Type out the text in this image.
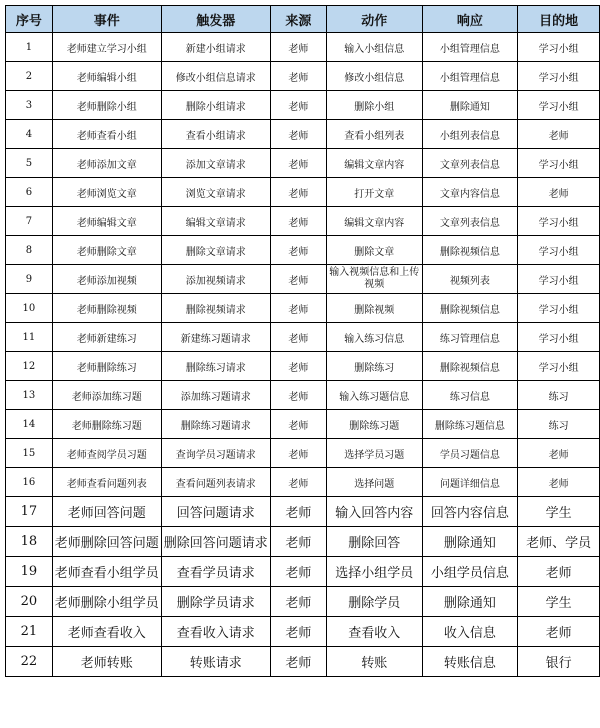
序号	事件	触发器	来源	动作	响应	目的地
1	老师建立学习小组	新建小组请求	老师	输入小组信息	小组管理信息	学习小组
2	老师编辑小组	修改小组信息请求	老师	修改小组信息	小组管理信息	学习小组
3	老师删除小组	删除小组请求	老师	删除小组	删除通知	学习小组
4	老师查看小组	查看小组请求	老师	查看小组列表	小组列表信息	老师
5	老师添加文章	添加文章请求	老师	编辑文章内容	文章列表信息	学习小组
6	老师浏览文章	浏览文章请求	老师	打开文章	文章内容信息	老师
7	老师编辑文章	编辑文章请求	老师	编辑文章内容	文章列表信息	学习小组
8	老师删除文章	删除文章请求	老师	删除文章	删除视频信息	学习小组
9	老师添加视频	添加视频请求	老师	输入视频信息和上传视频	视频列表	学习小组
10	老师删除视频	删除视频请求	老师	删除视频	删除视频信息	学习小组
11	老师新建练习	新建练习题请求	老师	输入练习信息	练习管理信息	学习小组
12	老师删除练习	删除练习请求	老师	删除练习	删除视频信息	学习小组
13	老师添加练习题	添加练习题请求	老师	输入练习题信息	练习信息	练习
14	老师删除练习题	删除练习题请求	老师	删除练习题	删除练习题信息	练习
15	老师查阅学员习题	查询学员习题请求	老师	选择学员习题	学员习题信息	老师
16	老师查看问题列表	查看问题列表请求	老师	选择问题	问题详细信息	老师
17	老师回答问题	回答问题请求	老师	输入回答内容	回答内容信息	学生
18	老师删除回答问题	删除回答问题请求	老师	删除回答	删除通知	老师、学员
19	老师查看小组学员	查看学员请求	老师	选择小组学员	小组学员信息	老师
20	老师删除小组学员	删除学员请求	老师	删除学员	删除通知	学生
21	老师查看收入	查看收入请求	老师	查看收入	收入信息	老师
22	老师转账	转账请求	老师	转账	转账信息	银行
